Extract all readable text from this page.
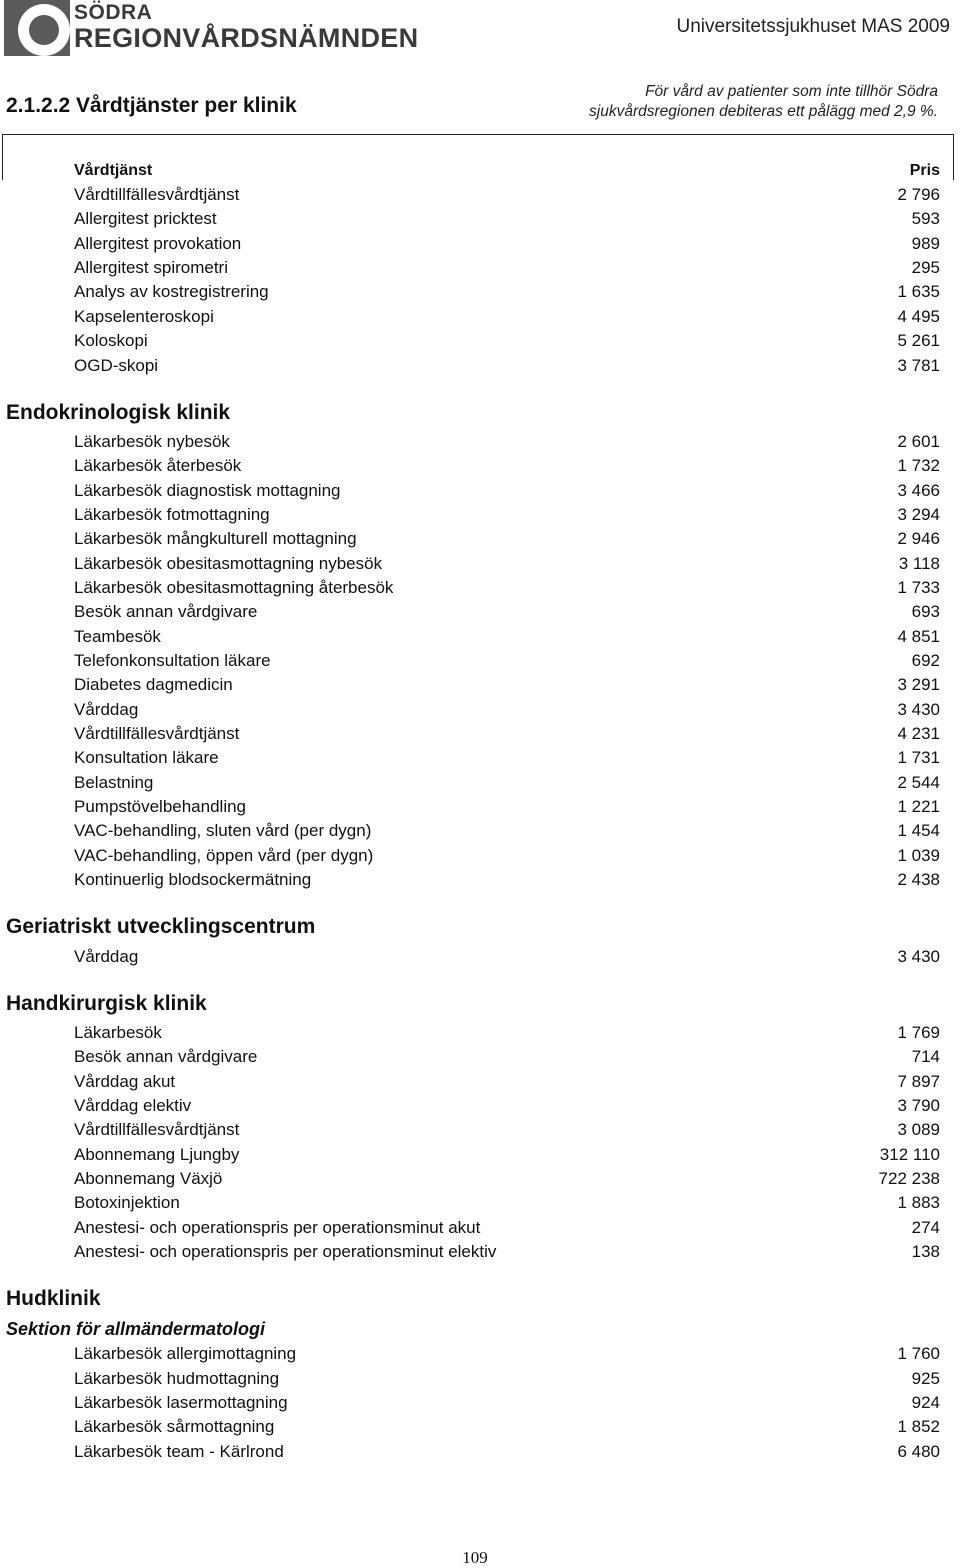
SÖDRA
REGIONVÅRDSNÄMNDEN	Universitetssjukhuset MAS 2009
2.1.2.2 Vårdtjänster per klinik
För vård av patienter som inte tillhör Södra sjukvårdsregionen debiteras ett pålägg med 2,9 %.
Vårdtjänst	Pris
Vårdtillfällesvårdtjänst	2 796
Allergitest pricktest	593
Allergitest provokation	989
Allergitest spirometri	295
Analys av kostregistrering	1 635
Kapselenteroskopi	4 495
Koloskopi	5 261
OGD-skopi	3 781
Endokrinologisk klinik
Läkarbesök nybesök	2 601
Läkarbesök återbesök	1 732
Läkarbesök diagnostisk mottagning	3 466
Läkarbesök fotmottagning	3 294
Läkarbesök mångkulturell mottagning	2 946
Läkarbesök obesitasmottagning nybesök	3 118
Läkarbesök obesitasmottagning återbesök	1 733
Besök annan vårdgivare	693
Teambesök	4 851
Telefonkonsultation läkare	692
Diabetes dagmedicin	3 291
Vårddag	3 430
Vårdtillfällesvårdtjänst	4 231
Konsultation läkare	1 731
Belastning	2 544
Pumpstövelbehandling	1 221
VAC-behandling, sluten vård (per dygn)	1 454
VAC-behandling, öppen vård (per dygn)	1 039
Kontinuerlig blodsockermätning	2 438
Geriatriskt utvecklingscentrum
Vårddag	3 430
Handkirurgisk klinik
Läkarbesök	1 769
Besök annan vårdgivare	714
Vårddag akut	7 897
Vårddag elektiv	3 790
Vårdtillfällesvårdtjänst	3 089
Abonnemang Ljungby	312 110
Abonnemang Växjö	722 238
Botoxinjektion	1 883
Anestesi- och operationspris per operationsminut akut	274
Anestesi- och operationspris per operationsminut elektiv	138
Hudklinik
Sektion för allmändermatologi
Läkarbesök allergimottagning	1 760
Läkarbesök hudmottagning	925
Läkarbesök lasermottagning	924
Läkarbesök sårmottagning	1 852
Läkarbesök team - Kärlrond	6 480
109
